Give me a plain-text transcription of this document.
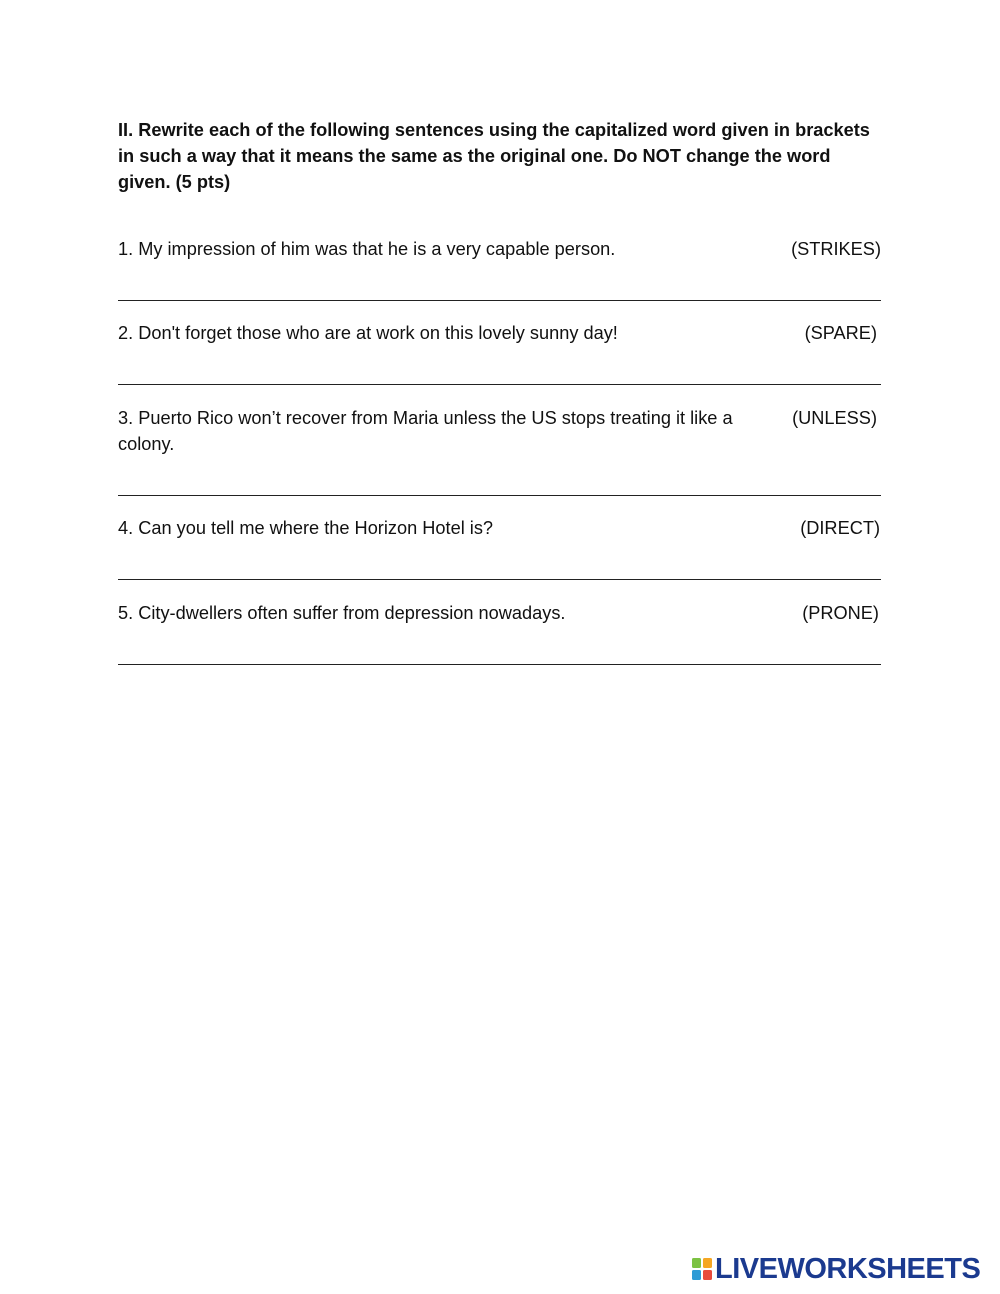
II. Rewrite each of the following sentences using the capitalized word given in brackets in such a way that it means the same as the original one. Do NOT change the word given. (5 pts)

1. My impression of him was that he is a very capable person.	(STRIKES)
2. Don't forget those who are at work on this lovely sunny day!	(SPARE)
3. Puerto Rico won’t recover from Maria unless the US stops treating it like a colony.
(UNLESS)
4. Can you tell me where the Horizon Hotel is?	(DIRECT)
5. City-dwellers often suffer from depression nowadays.	(PRONE)
LIVEWORKSHEETS
